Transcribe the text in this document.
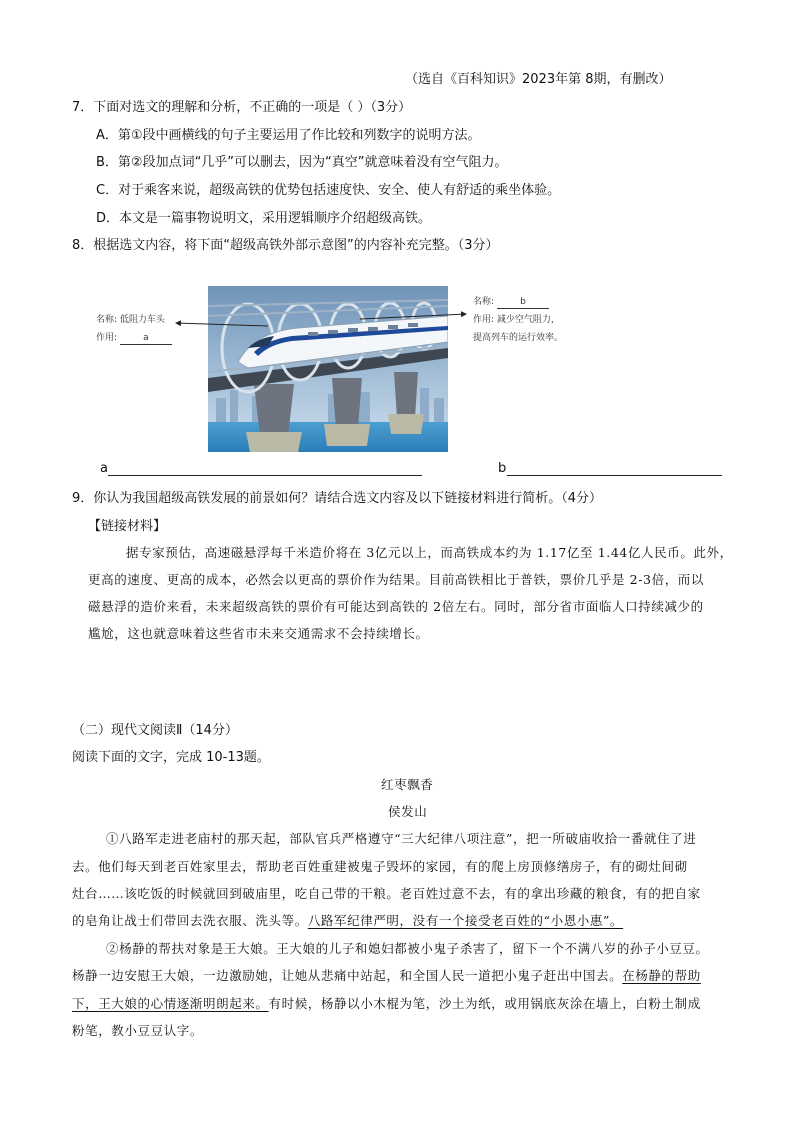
（选自《百科知识》2023年第 8期，有删改）
7．下面对选文的理解和分析，不正确的一项是（ ）（3分）
A．第①段中画横线的句子主要运用了作比较和列数字的说明方法。
B．第②段加点词“几乎”可以删去，因为“真空”就意味着没有空气阻力。
C．对于乘客来说，超级高铁的优势包括速度快、安全、使人有舒适的乘坐体验。
D．本文是一篇事物说明文，采用逻辑顺序介绍超级高铁。
8．根据选文内容，将下面“超级高铁外部示意图”的内容补充完整。（3分）
名称: 低阻力车头
作用:	a
名称:	b
作用: 减少空气阻力，
提高列车的运行效率。
a	b
9．你认为我国超级高铁发展的前景如何？请结合选文内容及以下链接材料进行简析。（4分）
【链接材料】
据专家预估，高速磁悬浮每千米造价将在 3亿元以上，而高铁成本约为 1.17亿至 1.44亿人民币。此外，
更高的速度、更高的成本，必然会以更高的票价作为结果。目前高铁相比于普铁，票价几乎是 2-3倍，而以
磁悬浮的造价来看，未来超级高铁的票价有可能达到高铁的 2倍左右。同时，部分省市面临人口持续减少的
尴尬，这也就意味着这些省市未来交通需求不会持续增长。
（二）现代文阅读Ⅱ（14分）
阅读下面的文字，完成 10-13题。
红枣飘香
侯发山
①八路军走进老庙村的那天起，部队官兵严格遵守“三大纪律八项注意”，把一所破庙收拾一番就住了进
去。他们每天到老百姓家里去，帮助老百姓重建被鬼子毁坏的家园，有的爬上房顶修缮房子，有的砌灶间砌
灶台……该吃饭的时候就回到破庙里，吃自己带的干粮。老百姓过意不去，有的拿出珍藏的粮食，有的把自家
的皂角让战士们带回去洗衣服、洗头等。八路军纪律严明，没有一个接受老百姓的“小恩小惠”。
②杨静的帮扶对象是王大娘。王大娘的儿子和媳妇都被小鬼子杀害了，留下一个不满八岁的孙子小豆豆。
杨静一边安慰王大娘，一边激励她，让她从悲痛中站起，和全国人民一道把小鬼子赶出中国去。在杨静的帮助
下，王大娘的心情逐渐明朗起来。有时候，杨静以小木棍为笔，沙土为纸，或用锅底灰涂在墙上，白粉土制成
粉笔，教小豆豆认字。
